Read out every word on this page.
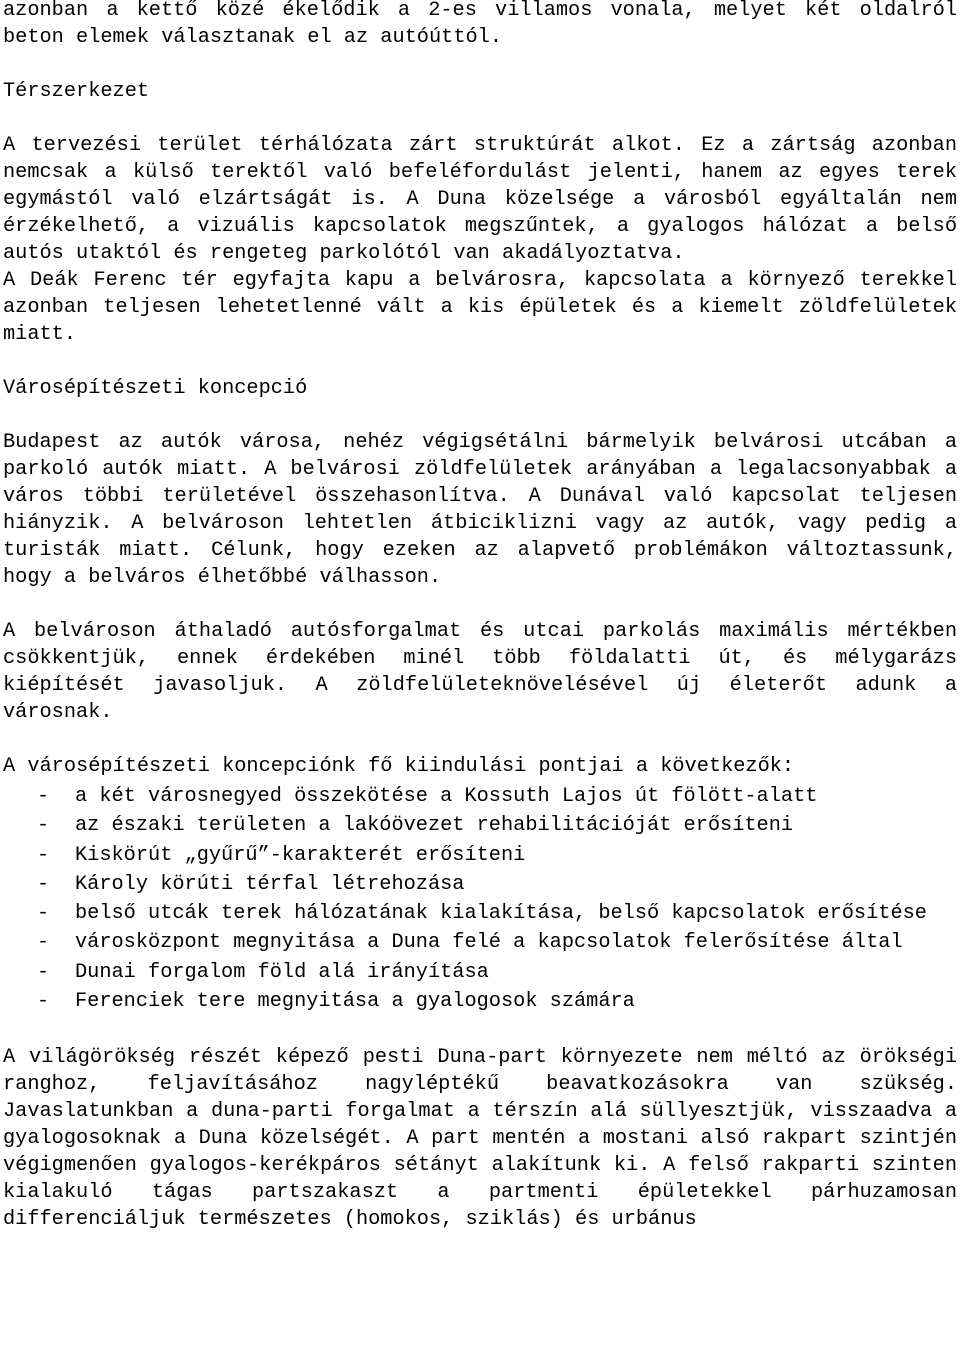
azonban a kettő közé ékelődik a 2-es villamos vonala, melyet két oldalról beton elemek választanak el az autóúttól.

Térszerkezet

A tervezési terület térhálózata zárt struktúrát alkot. Ez a zártság azonban nemcsak a külső terektől való befeléfordulást jelenti, hanem az egyes terek egymástól való elzártságát is. A Duna közelsége a városból egyáltalán nem érzékelhető, a vizuális kapcsolatok megszűntek, a gyalogos hálózat a belső autós utaktól és rengeteg parkolótól van akadályoztatva.

A Deák Ferenc tér egyfajta kapu a belvárosra, kapcsolata a környező terekkel azonban teljesen lehetetlenné vált a kis épületek és a kiemelt zöldfelületek miatt.

Városépítészeti koncepció

Budapest az autók városa, nehéz végigsétálni bármelyik belvárosi utcában a parkoló autók miatt. A belvárosi zöldfelületek arányában a legalacsonyabbak a város többi területével összehasonlítva. A Dunával való kapcsolat teljesen hiányzik. A belvároson lehtetlen átbiciklizni vagy az autók, vagy pedig a turisták miatt. Célunk, hogy ezeken az alapvető problémákon változtassunk, hogy a belváros élhetőbbé válhasson.

A belvároson áthaladó autósforgalmat és utcai parkolás maximális mértékben csökkentjük, ennek érdekében minél több földalatti út, és mélygarázs kiépítését javasoljuk. A zöldfelületeknövelésével új életerőt adunk a városnak.

A városépítészeti koncepciónk fő kiindulási pontjai a következők:

- a két városnegyed összekötése a Kossuth Lajos út fölött-alatt
- az északi területen a lakóövezet rehabilitációját erősíteni
- Kiskörút „gyűrű”-karakterét erősíteni
- Károly körúti térfal létrehozása
- belső utcák terek hálózatának kialakítása, belső kapcsolatok erősítése
- városközpont megnyitása a Duna felé a kapcsolatok felerősítése által
- Dunai forgalom föld alá irányítása
- Ferenciek tere megnyitása a gyalogosok számára

A világörökség részét képező pesti Duna-part környezete nem méltó az örökségi ranghoz, feljavításához nagyléptékű beavatkozásokra van szükség. Javaslatunkban a duna-parti forgalmat a térszín alá süllyesztjük, visszaadva a gyalogosoknak a Duna közelségét. A part mentén a mostani alsó rakpart szintjén végigmenően gyalogos-kerékpáros sétányt alakítunk ki. A felső rakparti szinten kialakuló tágas partszakaszt a partmenti épületekkel párhuzamosan differenciáljuk természetes (homokos, sziklás) és urbánus
